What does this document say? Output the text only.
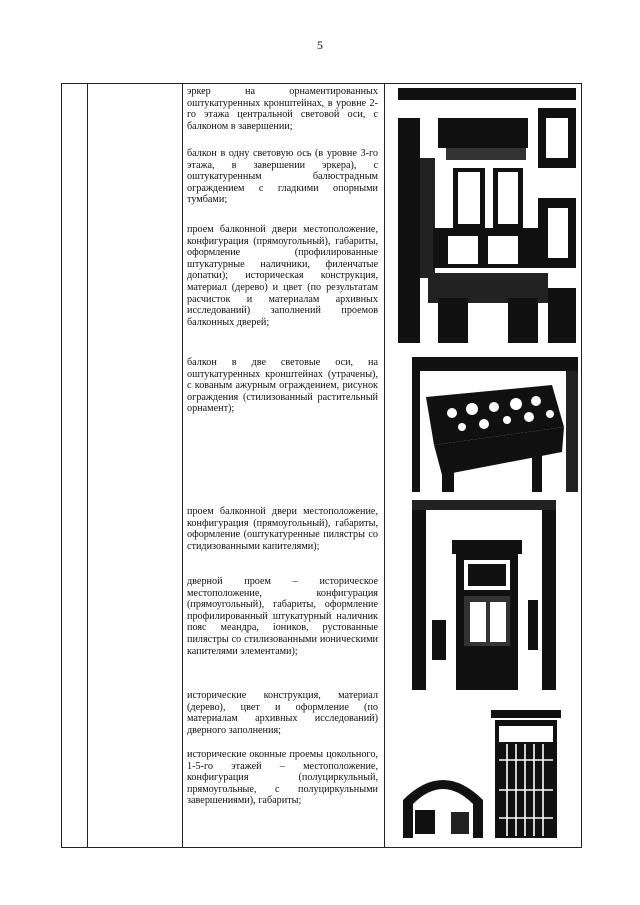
5

эркер на орнаментированных оштукатуренных кронштейнах, в уровне 2-го этажа центральной световой оси, с балконом в завершении;

балкон в одну световую ось (в уровне 3-го этажа, в завершении эркера), с оштукатуренным балюстрадным ограждением с гладкими опорными тумбами;

проем балконной двери местоположение, конфигурация (прямоугольный), габариты, оформление (профилированные штукатурные наличники, филенчатые допатки); историческая конструкция, материал (дерево) и цвет (по результатам расчисток и материалам архивных исследований) заполнений проемов балконных дверей;

балкон в две световые оси, на оштукатуренных кронштейнах (утрачены), с кованым ажурным ограждением, рисунок ограждения (стилизованный растительный орнамент);

проем балконной двери местоположение, конфигурация (прямоугольный), габариты, оформление (оштукатуренные пилястры со стидизованными капителями);

дверной проем – историческое местоположение, конфигурация (прямоугольный), габариты, оформление профилированный штукатурный наличник пояс меандра, ioников, рустованные пилястры со стилизованными ионическими капителями элементами);

исторические конструкция, материал (дерево), цвет и оформление (по материалам архивных исследований) дверного заполнения;

исторические оконные проемы цокольного, 1-5-го этажей – местоположение, конфигурация (полуциркульный, прямоугольные, с полуциркульными завершениями), габариты;
